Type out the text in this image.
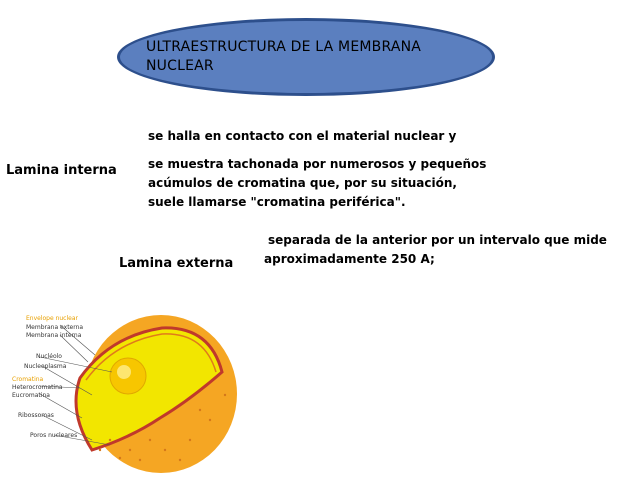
ULTRAESTRUCTURA DE LA MEMBRANA
NUCLEAR
se halla en contacto con el material nuclear y
se muestra tachonada por numerosos y pequeños
acúmulos de cromatina que, por su situación,
suele llamarse "cromatina periférica".
Lamina interna
separada de la anterior por un intervalo que mide
aproximadamente 250 A;
Lamina externa
Envelope nuclear
Membrana externa
Membrana interna
Nucléolo
Nucleoplasma
Cromatina
Heterocromatina
Eucromatina
Ribossomas
Poros nucleares
